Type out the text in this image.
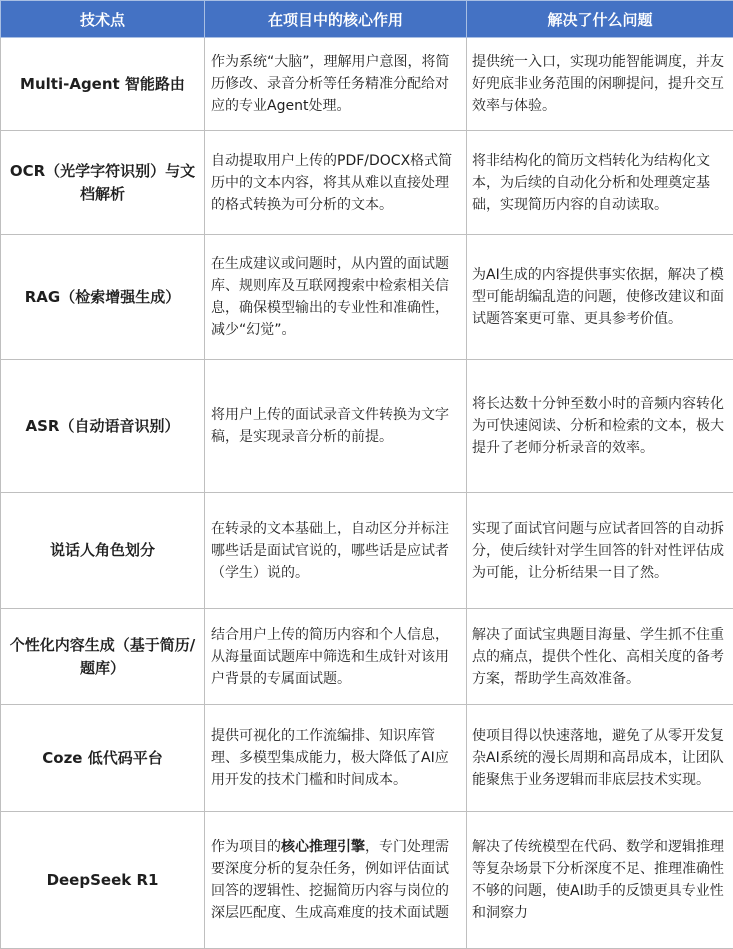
技术点	在项目中的核心作用	解决了什么问题
Multi-Agent 智能路由	作为系统“大脑”，理解用户意图，将简历修改、录音分析等任务精准分配给对应的专业Agent处理。	提供统一入口，实现功能智能调度，并友好兜底非业务范围的闲聊提问，提升交互效率与体验。
OCR（光学字符识别）与文档解析	自动提取用户上传的PDF/DOCX格式简历中的文本内容，将其从难以直接处理的格式转换为可分析的文本。	将非结构化的简历文档转化为结构化文本，为后续的自动化分析和处理奠定基础，实现简历内容的自动读取。
RAG（检索增强生成）	在生成建议或问题时，从内置的面试题库、规则库及互联网搜索中检索相关信息，确保模型输出的专业性和准确性，减少“幻觉”。	为AI生成的内容提供事实依据，解决了模型可能胡编乱造的问题，使修改建议和面试题答案更可靠、更具参考价值。
ASR（自动语音识别）	将用户上传的面试录音文件转换为文字稿，是实现录音分析的前提。	将长达数十分钟至数小时的音频内容转化为可快速阅读、分析和检索的文本，极大提升了老师分析录音的效率。
说话人角色划分	在转录的文本基础上，自动区分并标注哪些话是面试官说的，哪些话是应试者（学生）说的。	实现了面试官问题与应试者回答的自动拆分，使后续针对学生回答的针对性评估成为可能，让分析结果一目了然。
个性化内容生成（基于简历/题库）	结合用户上传的简历内容和个人信息，从海量面试题库中筛选和生成针对该用户背景的专属面试题。	解决了面试宝典题目海量、学生抓不住重点的痛点，提供个性化、高相关度的备考方案，帮助学生高效准备。
Coze 低代码平台	提供可视化的工作流编排、知识库管理、多模型集成能力，极大降低了AI应用开发的技术门槛和时间成本。	使项目得以快速落地，避免了从零开发复杂AI系统的漫长周期和高昂成本，让团队能聚焦于业务逻辑而非底层技术实现。
DeepSeek R1	作为项目的核心推理引擎，专门处理需要深度分析的复杂任务，例如评估面试回答的逻辑性、挖掘简历内容与岗位的深层匹配度、生成高难度的技术面试题	解决了传统模型在代码、数学和逻辑推理等复杂场景下分析深度不足、推理准确性不够的问题，使AI助手的反馈更具专业性和洞察力
